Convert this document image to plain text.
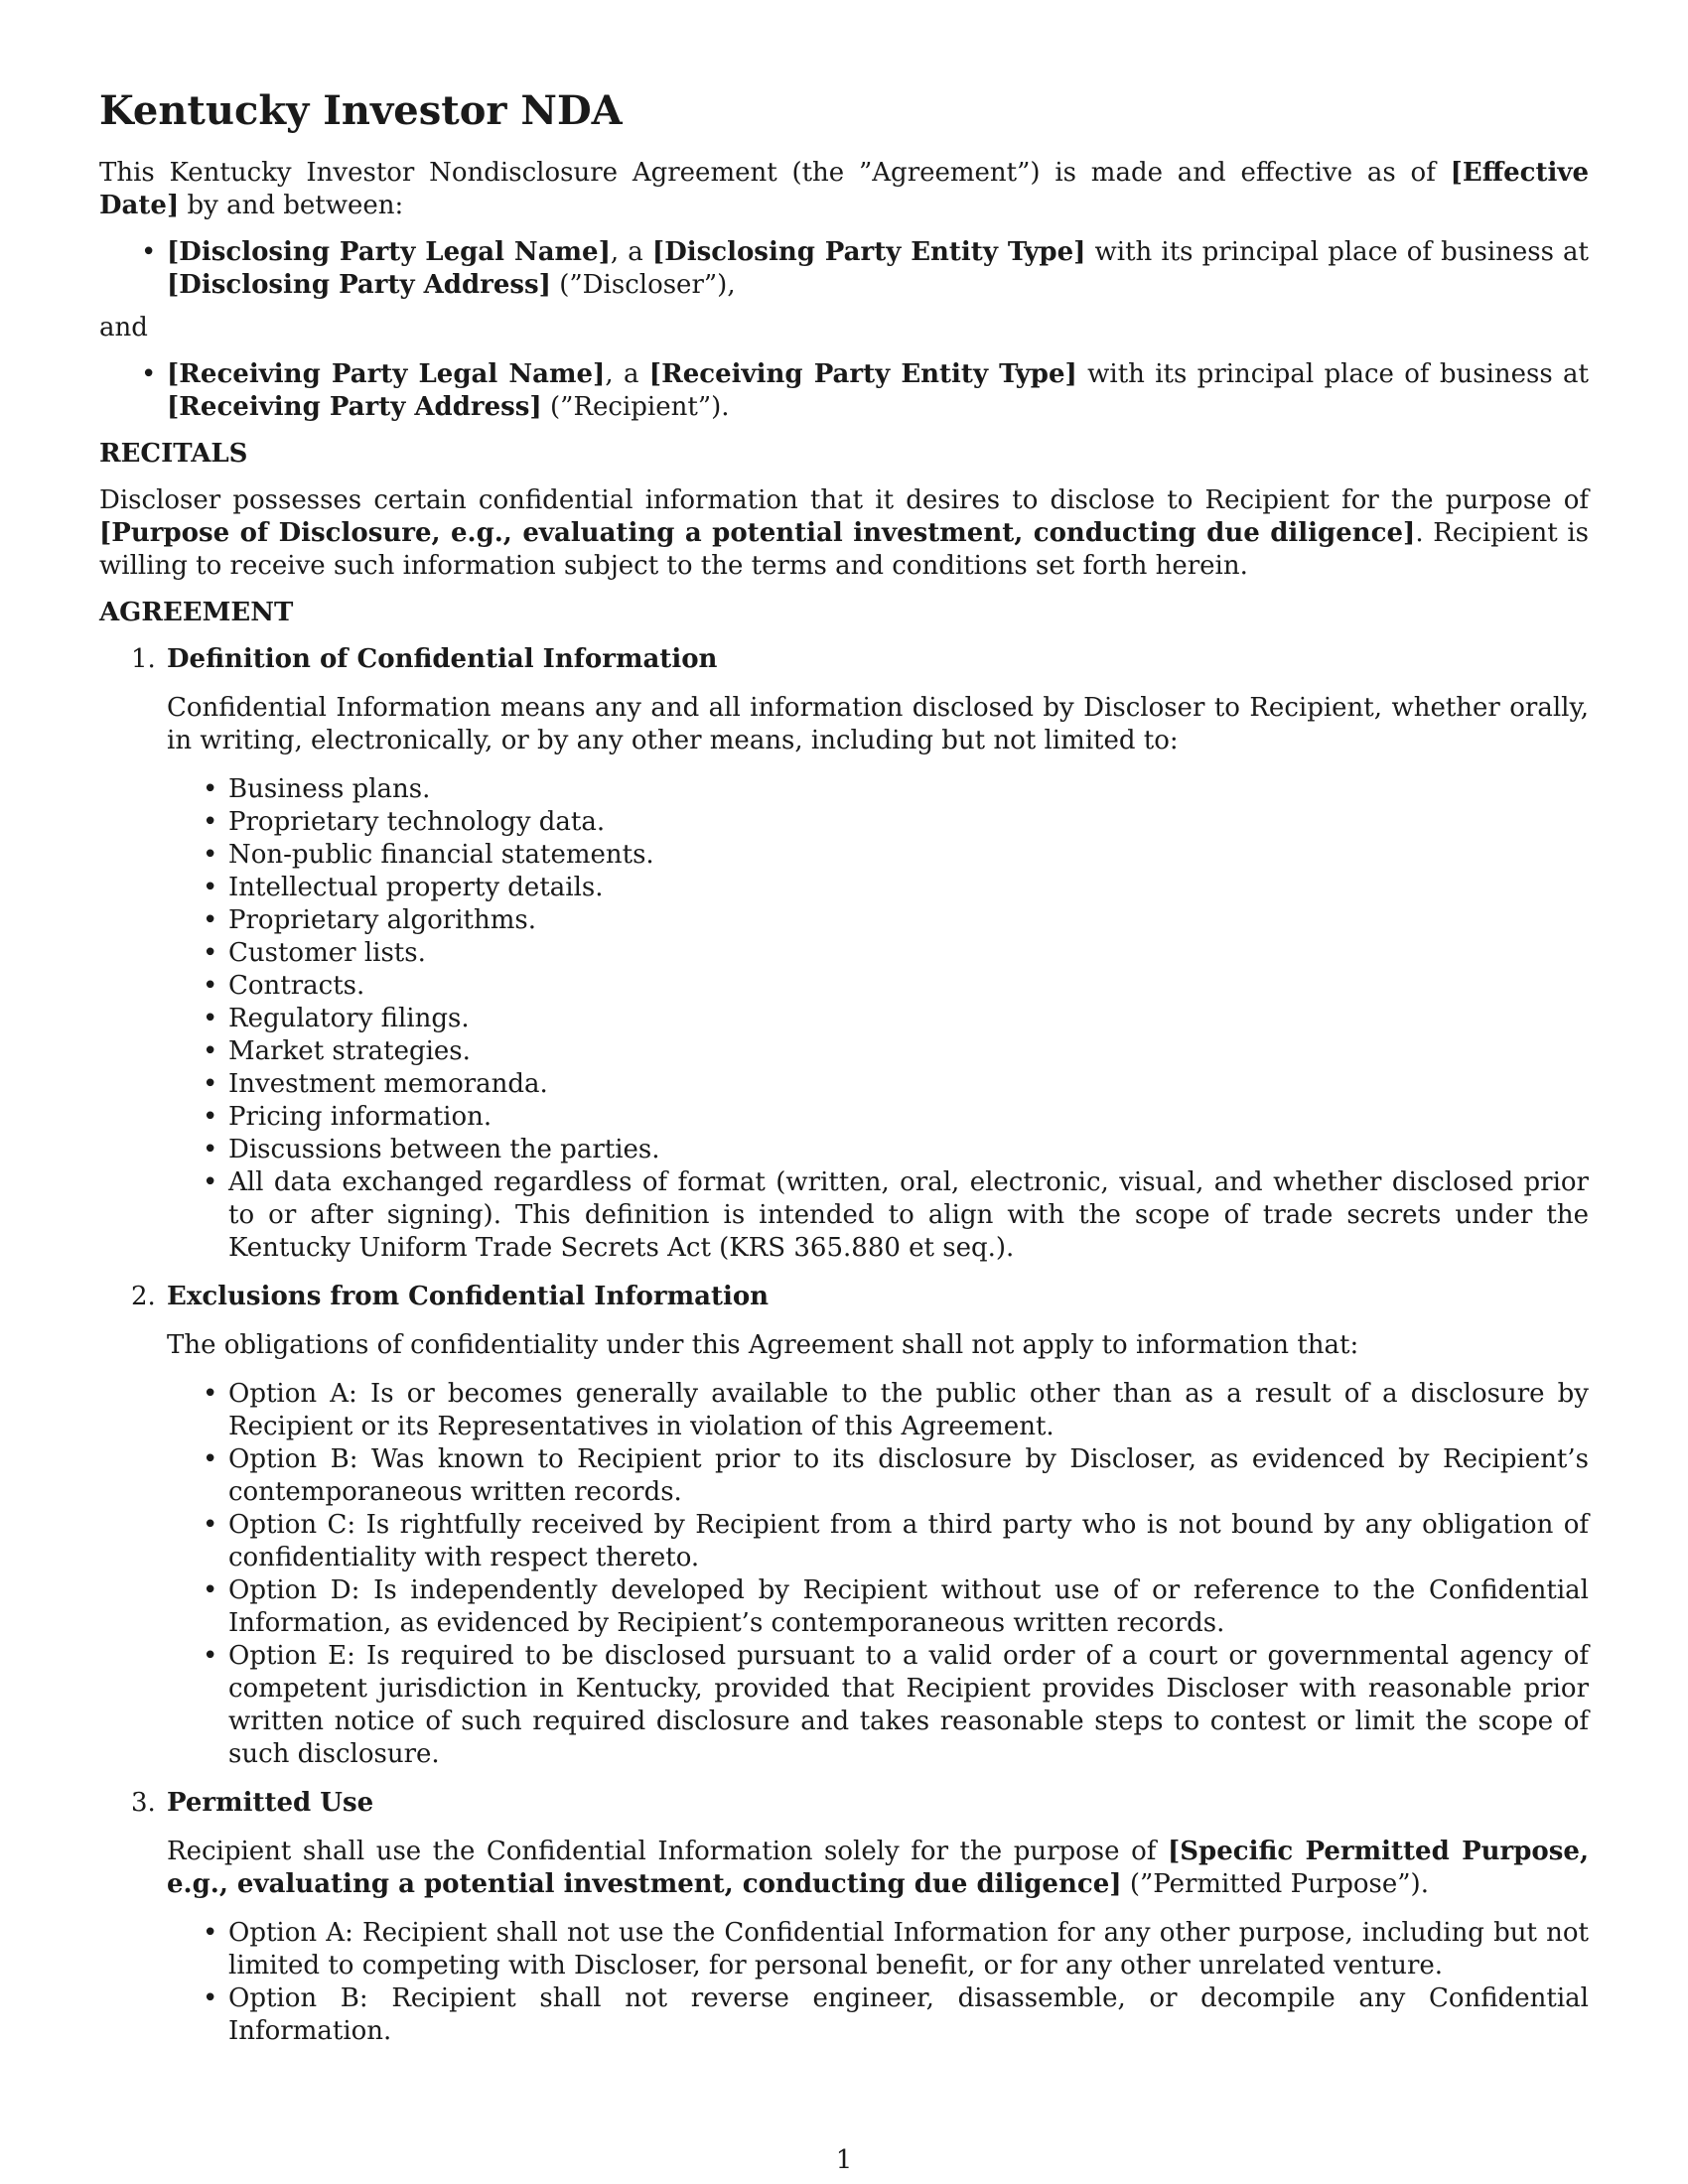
Kentucky Investor NDA

This Kentucky Investor Nondisclosure Agreement (the ”Agreement”) is made and effective as of [Effective Date] by and between:

• [Disclosing Party Legal Name], a [Disclosing Party Entity Type] with its principal place of business at [Disclosing Party Address] (”Discloser”),

and

• [Receiving Party Legal Name], a [Receiving Party Entity Type] with its principal place of business at [Receiving Party Address] (”Recipient”).
RECITALS

Discloser possesses certain confidential information that it desires to disclose to Recipient for the purpose of [Purpose of Disclosure, e.g., evaluating a potential investment, conducting due diligence]. Recipient is willing to receive such information subject to the terms and conditions set forth herein.

AGREEMENT
1. Definition of Confidential Information

Confidential Information means any and all information disclosed by Discloser to Recipient, whether orally, in writing, electronically, or by any other means, including but not limited to:

• Business plans.
• Proprietary technology data.
• Non-public financial statements.
• Intellectual property details.
• Proprietary algorithms.
• Customer lists.
• Contracts.
• Regulatory filings.
• Market strategies.
• Investment memoranda.
• Pricing information.
• Discussions between the parties.
• All data exchanged regardless of format (written, oral, electronic, visual, and whether disclosed prior to or after signing). This definition is intended to align with the scope of trade secrets under the Kentucky Uniform Trade Secrets Act (KRS 365.880 et seq.).
2. Exclusions from Confidential Information

The obligations of confidentiality under this Agreement shall not apply to information that:

• Option A: Is or becomes generally available to the public other than as a result of a disclosure by Recipient or its Representatives in violation of this Agreement.
• Option B: Was known to Recipient prior to its disclosure by Discloser, as evidenced by Recipient’s contemporaneous written records.
• Option C: Is rightfully received by Recipient from a third party who is not bound by any obligation of confidentiality with respect thereto.
• Option D: Is independently developed by Recipient without use of or reference to the Confidential Information, as evidenced by Recipient’s contemporaneous written records.
• Option E: Is required to be disclosed pursuant to a valid order of a court or governmental agency of competent jurisdiction in Kentucky, provided that Recipient provides Discloser with reasonable prior written notice of such required disclosure and takes reasonable steps to contest or limit the scope of such disclosure.
3. Permitted Use

Recipient shall use the Confidential Information solely for the purpose of [Specific Permitted Purpose, e.g., evaluating a potential investment, conducting due diligence] (”Permitted Purpose”).

• Option A: Recipient shall not use the Confidential Information for any other purpose, including but not limited to competing with Discloser, for personal benefit, or for any other unrelated venture.
• Option B: Recipient shall not reverse engineer, disassemble, or decompile any Confidential Information.
1
